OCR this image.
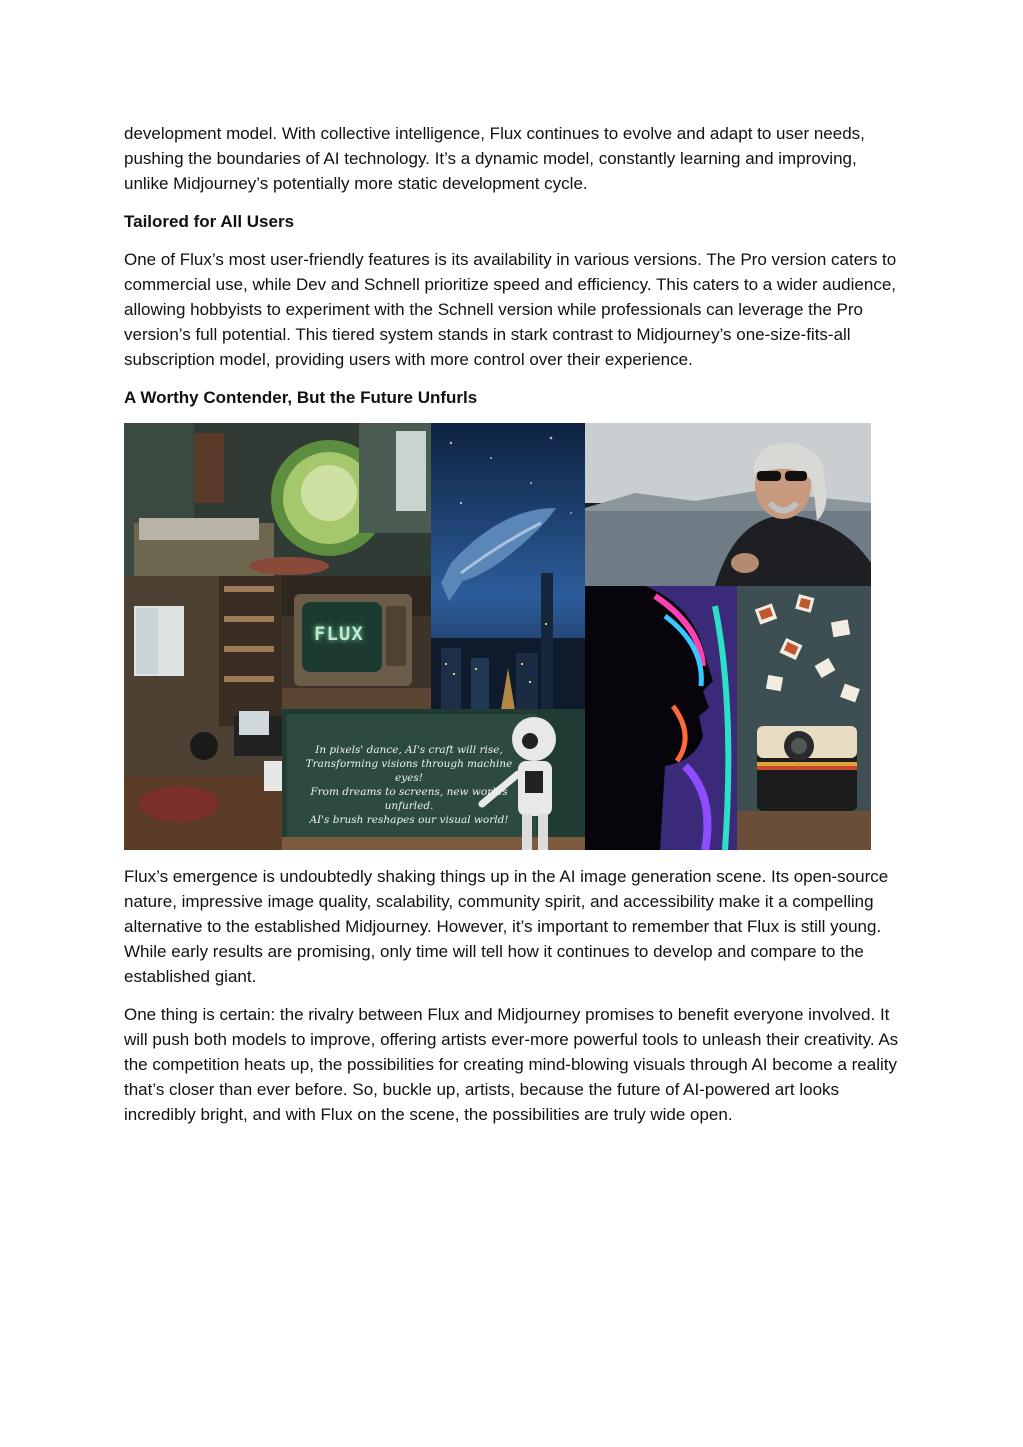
development model. With collective intelligence, Flux continues to evolve and adapt to user needs, pushing the boundaries of AI technology. It’s a dynamic model, constantly learning and improving, unlike Midjourney’s potentially more static development cycle.

Tailored for All Users

One of Flux’s most user-friendly features is its availability in various versions. The Pro version caters to commercial use, while Dev and Schnell prioritize speed and efficiency. This caters to a wider audience, allowing hobbyists to experiment with the Schnell version while professionals can leverage the Pro version’s full potential. This tiered system stands in stark contrast to Midjourney’s one-size-fits-all subscription model, providing users with more control over their experience.

A Worthy Contender, But the Future Unfurls
FLUX
In pixels' dance, AI's craft will rise,
Transforming visions through machine eyes!
From dreams to screens, new worlds unfurled.
AI's brush reshapes our visual world!

Flux’s emergence is undoubtedly shaking things up in the AI image generation scene. Its open-source nature, impressive image quality, scalability, community spirit, and accessibility make it a compelling alternative to the established Midjourney. However, it’s important to remember that Flux is still young. While early results are promising, only time will tell how it continues to develop and compare to the established giant.

One thing is certain: the rivalry between Flux and Midjourney promises to benefit everyone involved. It will push both models to improve, offering artists ever-more powerful tools to unleash their creativity. As the competition heats up, the possibilities for creating mind-blowing visuals through AI become a reality that’s closer than ever before. So, buckle up, artists, because the future of AI-powered art looks incredibly bright, and with Flux on the scene, the possibilities are truly wide open.
